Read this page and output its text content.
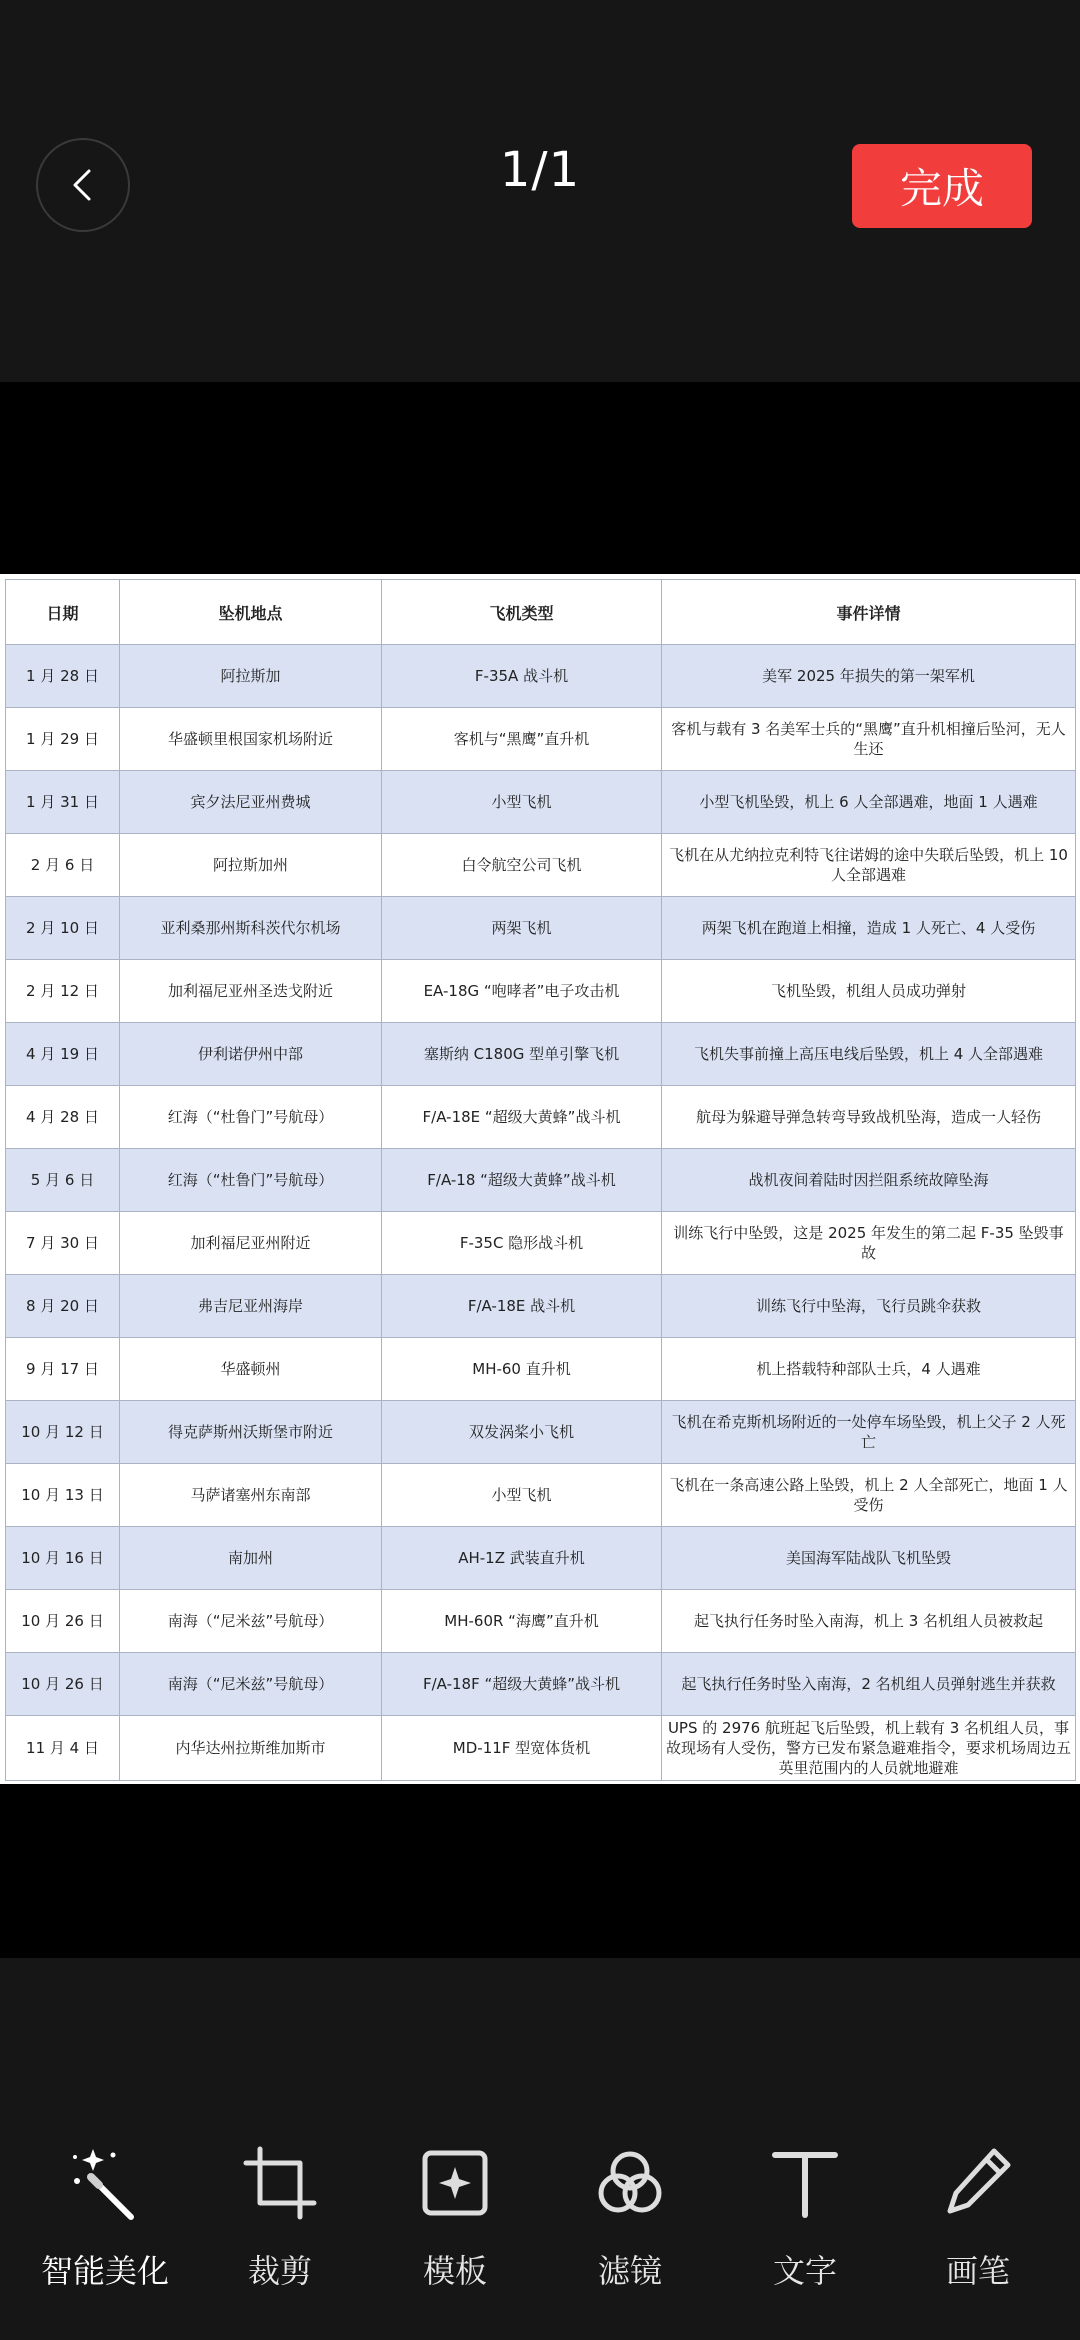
1/1	完成
日期	坠机地点	飞机类型	事件详情
1 月 28 日	阿拉斯加	F-35A 战斗机	美军 2025 年损失的第一架军机
1 月 29 日	华盛顿里根国家机场附近	客机与“黑鹰”直升机	客机与载有 3 名美军士兵的“黑鹰”直升机相撞后坠河，无人生还
1 月 31 日	宾夕法尼亚州费城	小型飞机	小型飞机坠毁，机上 6 人全部遇难，地面 1 人遇难
2 月 6 日	阿拉斯加州	白令航空公司飞机	飞机在从尤纳拉克利特飞往诺姆的途中失联后坠毁，机上 10 人全部遇难
2 月 10 日	亚利桑那州斯科茨代尔机场	两架飞机	两架飞机在跑道上相撞，造成 1 人死亡、4 人受伤
2 月 12 日	加利福尼亚州圣迭戈附近	EA-18G “咆哮者”电子攻击机	飞机坠毁，机组人员成功弹射
4 月 19 日	伊利诺伊州中部	塞斯纳 C180G 型单引擎飞机	飞机失事前撞上高压电线后坠毁，机上 4 人全部遇难
4 月 28 日	红海（“杜鲁门”号航母）	F/A-18E “超级大黄蜂”战斗机	航母为躲避导弹急转弯导致战机坠海，造成一人轻伤
5 月 6 日	红海（“杜鲁门”号航母）	F/A-18 “超级大黄蜂”战斗机	战机夜间着陆时因拦阻系统故障坠海
7 月 30 日	加利福尼亚州附近	F-35C 隐形战斗机	训练飞行中坠毁，这是 2025 年发生的第二起 F-35 坠毁事故
8 月 20 日	弗吉尼亚州海岸	F/A-18E 战斗机	训练飞行中坠海，飞行员跳伞获救
9 月 17 日	华盛顿州	MH-60 直升机	机上搭载特种部队士兵，4 人遇难
10 月 12 日	得克萨斯州沃斯堡市附近	双发涡桨小飞机	飞机在希克斯机场附近的一处停车场坠毁，机上父子 2 人死亡
10 月 13 日	马萨诸塞州东南部	小型飞机	飞机在一条高速公路上坠毁，机上 2 人全部死亡，地面 1 人受伤
10 月 16 日	南加州	AH-1Z 武装直升机	美国海军陆战队飞机坠毁
10 月 26 日	南海（“尼米兹”号航母）	MH-60R “海鹰”直升机	起飞执行任务时坠入南海，机上 3 名机组人员被救起
10 月 26 日	南海（“尼米兹”号航母）	F/A-18F “超级大黄蜂”战斗机	起飞执行任务时坠入南海，2 名机组人员弹射逃生并获救
11 月 4 日	内华达州拉斯维加斯市	MD-11F 型宽体货机	UPS 的 2976 航班起飞后坠毁，机上载有 3 名机组人员，事故现场有人受伤，警方已发布紧急避难指令，要求机场周边五英里范围内的人员就地避难
智能美化	裁剪	模板	滤镜	文字	画笔
